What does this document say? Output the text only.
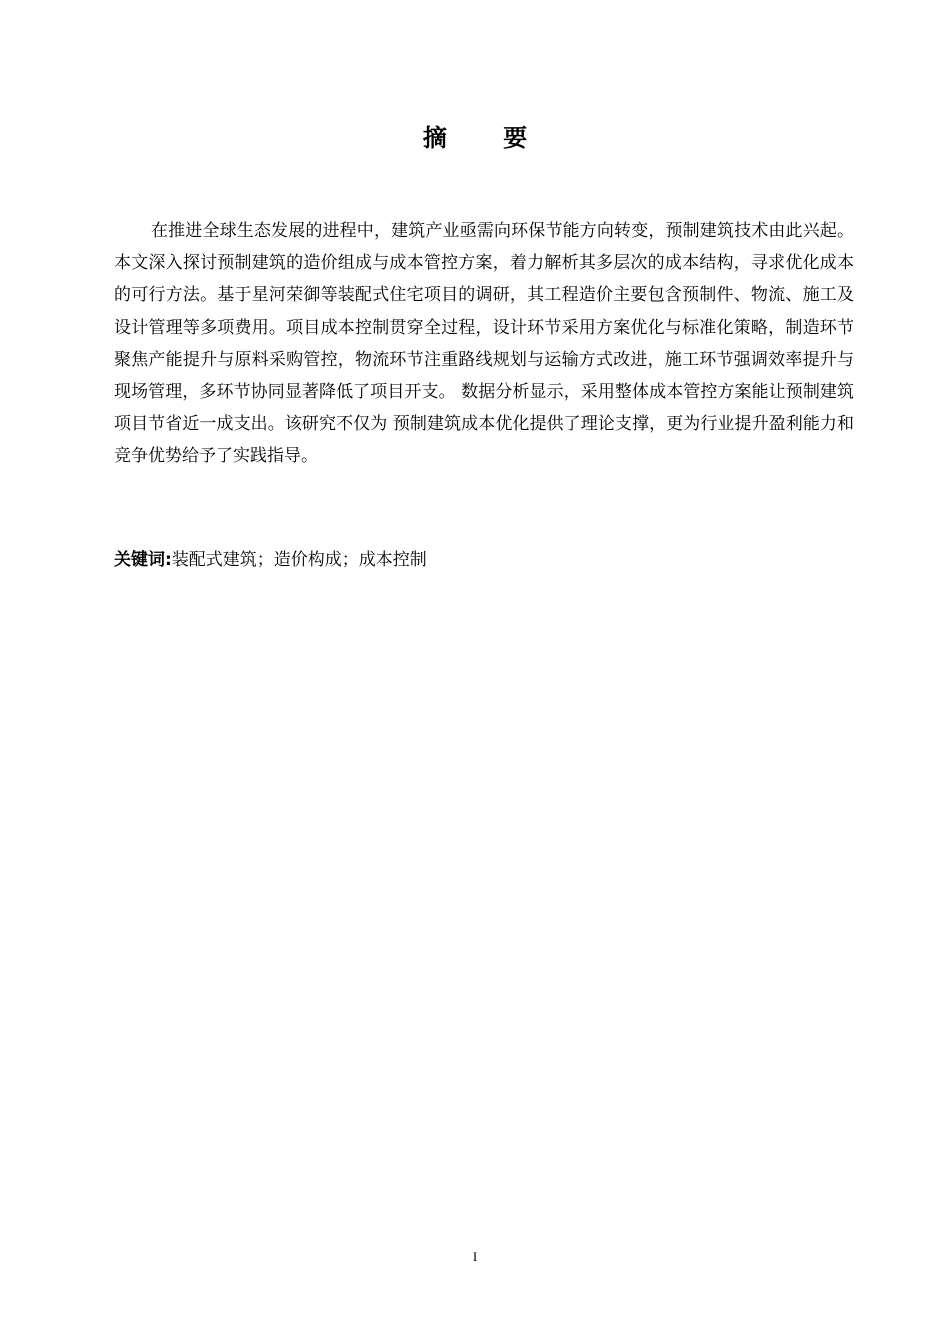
摘 要

在推进全球生态发展的进程中，建筑产业亟需向环保节能方向转变，预制建筑技术由此兴起。本文深入探讨预制建筑的造价组成与成本管控方案，着力解析其多层次的成本结构，寻求优化成本的可行方法。基于星河荣御等装配式住宅项目的调研，其工程造价主要包含预制件、物流、施工及设计管理等多项费用。项目成本控制贯穿全过程，设计环节采用方案优化与标准化策略，制造环节聚焦产能提升与原料采购管控，物流环节注重路线规划与运输方式改进，施工环节强调效率提升与现场管理，多环节协同显著降低了项目开支。 数据分析显示，采用整体成本管控方案能让预制建筑项目节省近一成支出。该研究不仅为 预制建筑成本优化提供了理论支撑，更为行业提升盈利能力和竞争优势给予了实践指导。

关键词:装配式建筑；造价构成；成本控制
I
